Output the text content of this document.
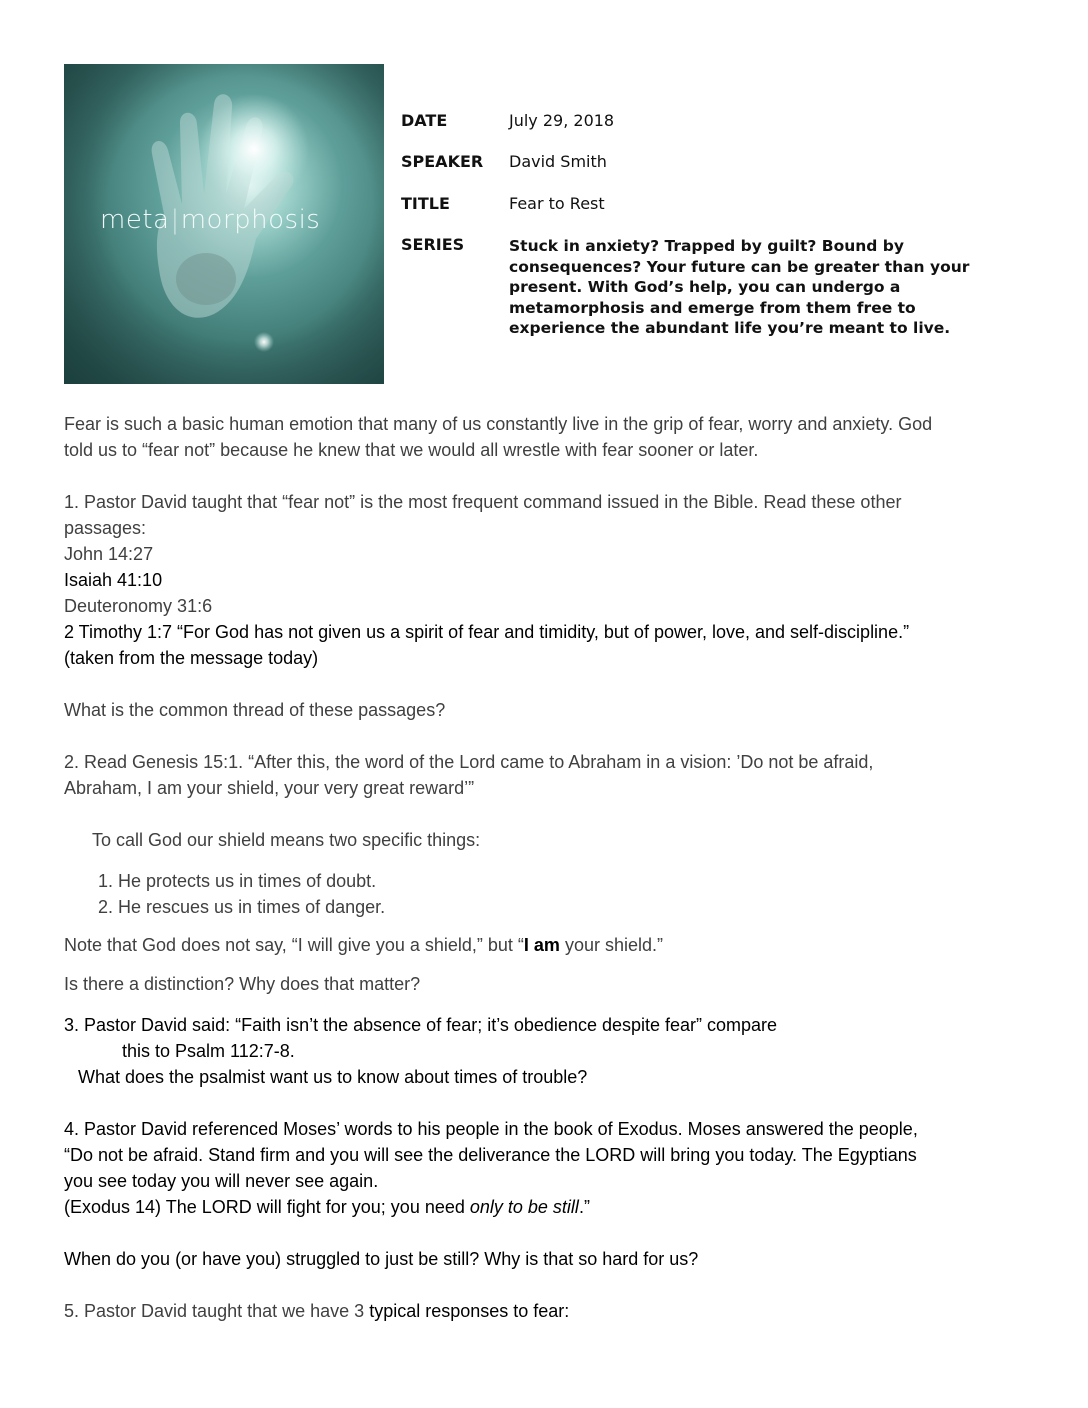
meta|morphosis
DATE	July 29, 2018
SPEAKER David Smith
TITLE	Fear to Rest
SERIES	Stuck in anxiety? Trapped by guilt? Bound by consequences? Your future can be greater than your present. With God’s help, you can undergo a metamorphosis and emerge from them free to experience the abundant life you’re meant to live.
Fear is such a basic human emotion that many of us constantly live in the grip of fear, worry and anxiety. God
told us to “fear not” because he knew that we would all wrestle with fear sooner or later.
1. Pastor David taught that “fear not” is the most frequent command issued in the Bible. Read these other
passages:
John 14:27
Isaiah 41:10
Deuteronomy 31:6
2 Timothy 1:7 “For God has not given us a spirit of fear and timidity, but of power, love, and self-discipline.”
(taken from the message today)
What is the common thread of these passages?
2. Read Genesis 15:1. “After this, the word of the Lord came to Abraham in a vision: ’Do not be afraid,
Abraham, I am your shield, your very great reward’”
To call God our shield means two specific things:
1. He protects us in times of doubt.
2. He rescues us in times of danger.
Note that God does not say, “I will give you a shield,” but “I am your shield.”
Is there a distinction? Why does that matter?
3. Pastor David said: “Faith isn’t the absence of fear; it’s obedience despite fear” compare
this to Psalm 112:7-8.
What does the psalmist want us to know about times of trouble?
4. Pastor David referenced Moses’ words to his people in the book of Exodus. Moses answered the people,
“Do not be afraid. Stand firm and you will see the deliverance the LORD will bring you today. The Egyptians
you see today you will never see again.
(Exodus 14) The LORD will fight for you; you need only to be still.”
When do you (or have you) struggled to just be still? Why is that so hard for us?
5. Pastor David taught that we have 3 typical responses to fear:
